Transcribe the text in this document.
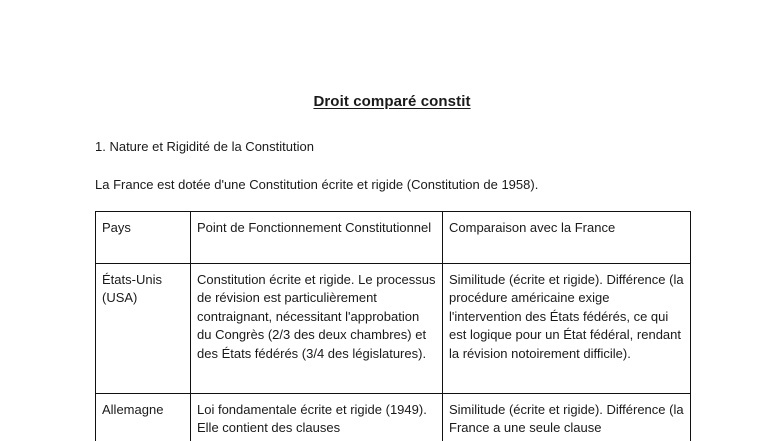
Droit comparé constit
1. Nature et Rigidité de la Constitution
La France est dotée d'une Constitution écrite et rigide (Constitution de 1958).
Pays	Point de Fonctionnement Constitutionnel	Comparaison avec la France
États-Unis (USA)	Constitution écrite et rigide. Le processus de révision est particulièrement contraignant, nécessitant l'approbation du Congrès (2/3 des deux chambres) et des États fédérés (3/4 des législatures).	Similitude (écrite et rigide). Différence (la procédure américaine exige l'intervention des États fédérés, ce qui est logique pour un État fédéral, rendant la révision notoirement difficile).
Allemagne	Loi fondamentale écrite et rigide (1949). Elle contient des clauses	Similitude (écrite et rigide). Différence (la France a une seule clause
